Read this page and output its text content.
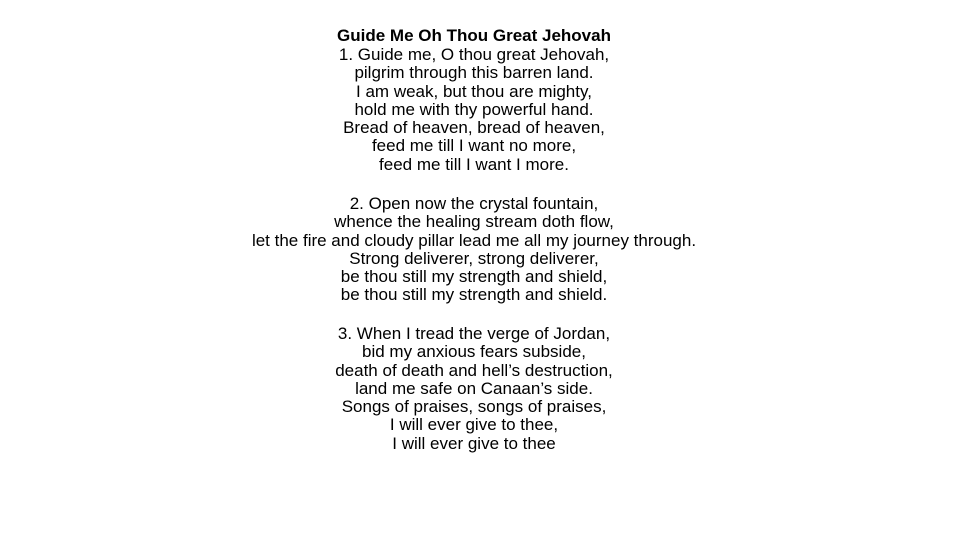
Guide Me Oh Thou Great Jehovah
1. Guide me, O thou great Jehovah,
pilgrim through this barren land.
I am weak, but thou are mighty,
hold me with thy powerful hand.
Bread of heaven, bread of heaven,
feed me till I want no more,
feed me till I want I more.
2. Open now the crystal fountain,
whence the healing stream doth flow,
let the fire and cloudy pillar lead me all my journey through.
Strong deliverer, strong deliverer,
be thou still my strength and shield,
be thou still my strength and shield.
3. When I tread the verge of Jordan,
bid my anxious fears subside,
death of death and hell’s destruction,
land me safe on Canaan’s side.
Songs of praises, songs of praises,
I will ever give to thee,
I will ever give to thee
